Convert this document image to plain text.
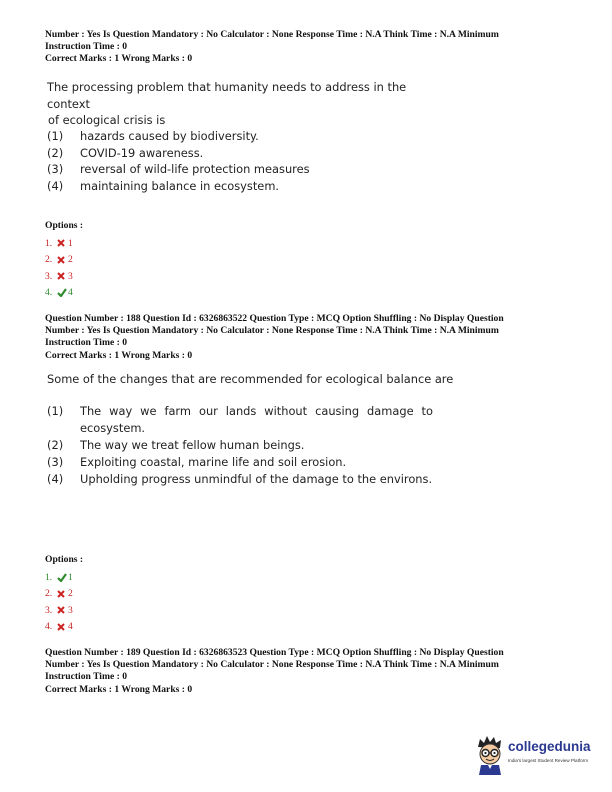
Number : Yes Is Question Mandatory : No Calculator : None Response Time : N.A Think Time : N.A Minimum
Instruction Time : 0
Correct Marks : 1 Wrong Marks : 0
The processing problem that humanity needs to address in the context
of ecological crisis is
(1)	hazards caused by biodiversity.
(2)	COVID-19 awareness.
(3)	reversal of wild-life protection measures
(4)	maintaining balance in ecosystem.
Options :
1.	1
2.	2
3.	3
4.	4
Question Number : 188 Question Id : 6326863522 Question Type : MCQ Option Shuffling : No Display Question
Number : Yes Is Question Mandatory : No Calculator : None Response Time : N.A Think Time : N.A Minimum
Instruction Time : 0
Correct Marks : 1 Wrong Marks : 0
Some of the changes that are recommended for ecological balance are
(1)	The way we farm our lands without causing damage to
ecosystem.
(2)	The way we treat fellow human beings.
(3)	Exploiting coastal, marine life and soil erosion.
(4)	Upholding progress unmindful of the damage to the environs.
Options :
1.	1
2.	2
3.	3
4.	4
Question Number : 189 Question Id : 6326863523 Question Type : MCQ Option Shuffling : No Display Question
Number : Yes Is Question Mandatory : No Calculator : None Response Time : N.A Think Time : N.A Minimum
Instruction Time : 0
Correct Marks : 1 Wrong Marks : 0
collegedunia
India's largest Student Review Platform
